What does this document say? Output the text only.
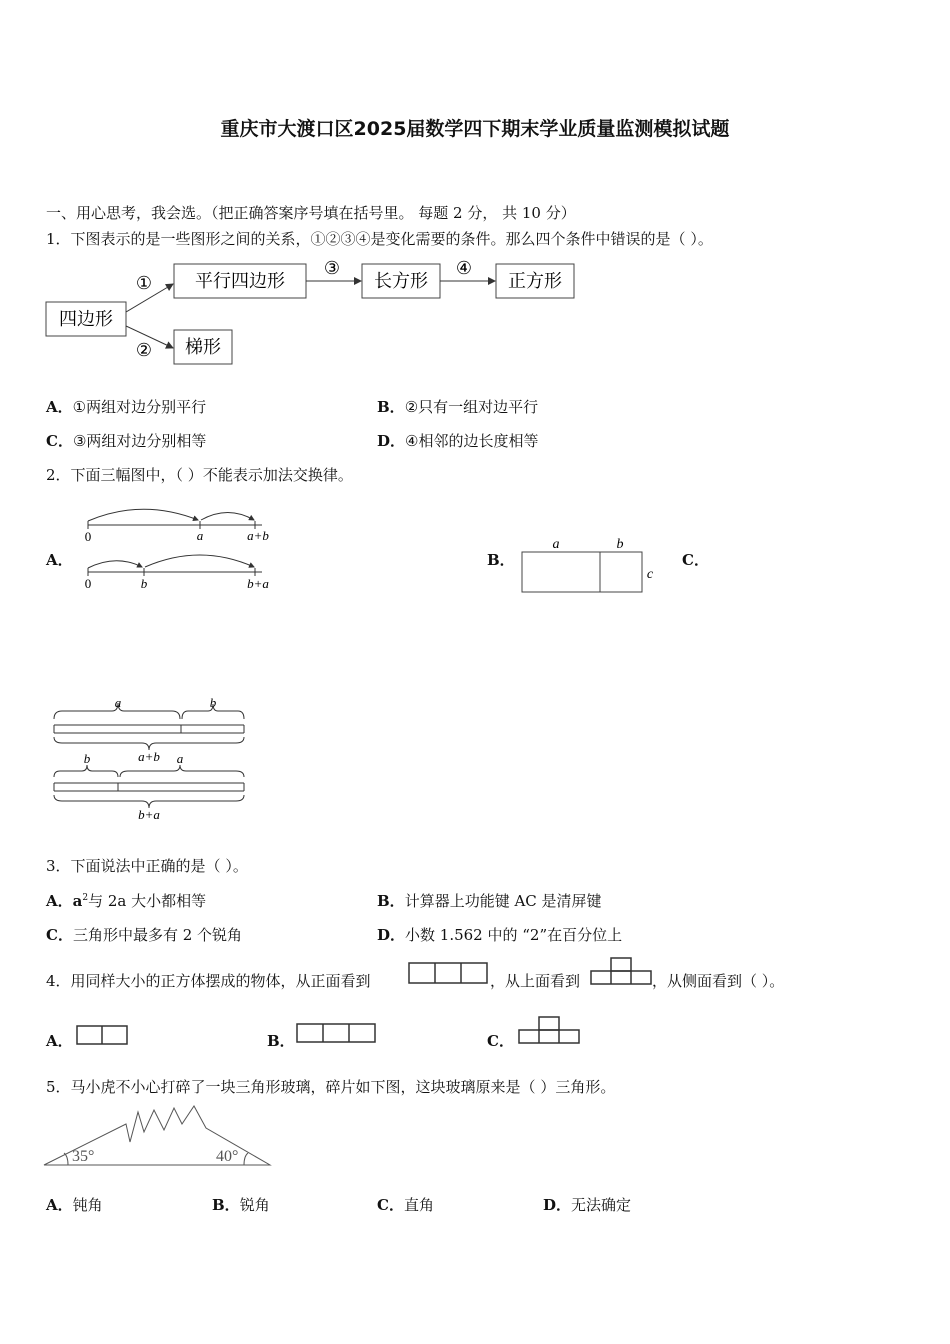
重庆市大渡口区2025届数学四下期末学业质量监测模拟试题
一、用心思考，我会选。（把正确答案序号填在括号里。 每题 2 分， 共 10 分）
1．下图表示的是一些图形之间的关系，①②③④是变化需要的条件。那么四个条件中错误的是（ ）。
四边形
平行四边形	长方形	正方形
梯形
①
②
③	④
A．①两组对边分别平行	B．②只有一组对边平行
C．③两组对边分别相等	D．④相邻的边长度相等
2．下面三幅图中，（ ）不能表示加法交换律。
A．
0	a	a+b
0	b	b+a
B．
a	b
c
C．
a	b
a+b
b	a
b+a
3．下面说法中正确的是（ ）。
A．$a^2$与 2a 大小都相等	B．计算器上功能键 AC 是清屏键
C．三角形中最多有 2 个锐角	D．小数 1.562 中的 “2”在百分位上
4．用同样大小的正方体摆成的物体，从正面看到	，从上面看到	，从侧面看到（ ）。
A．	B．	C．
5．马小虎不小心打碎了一块三角形玻璃，碎片如下图，这块玻璃原来是（ ）三角形。
35°	40°
A．钝角	B．锐角	C．直角	D．无法确定
